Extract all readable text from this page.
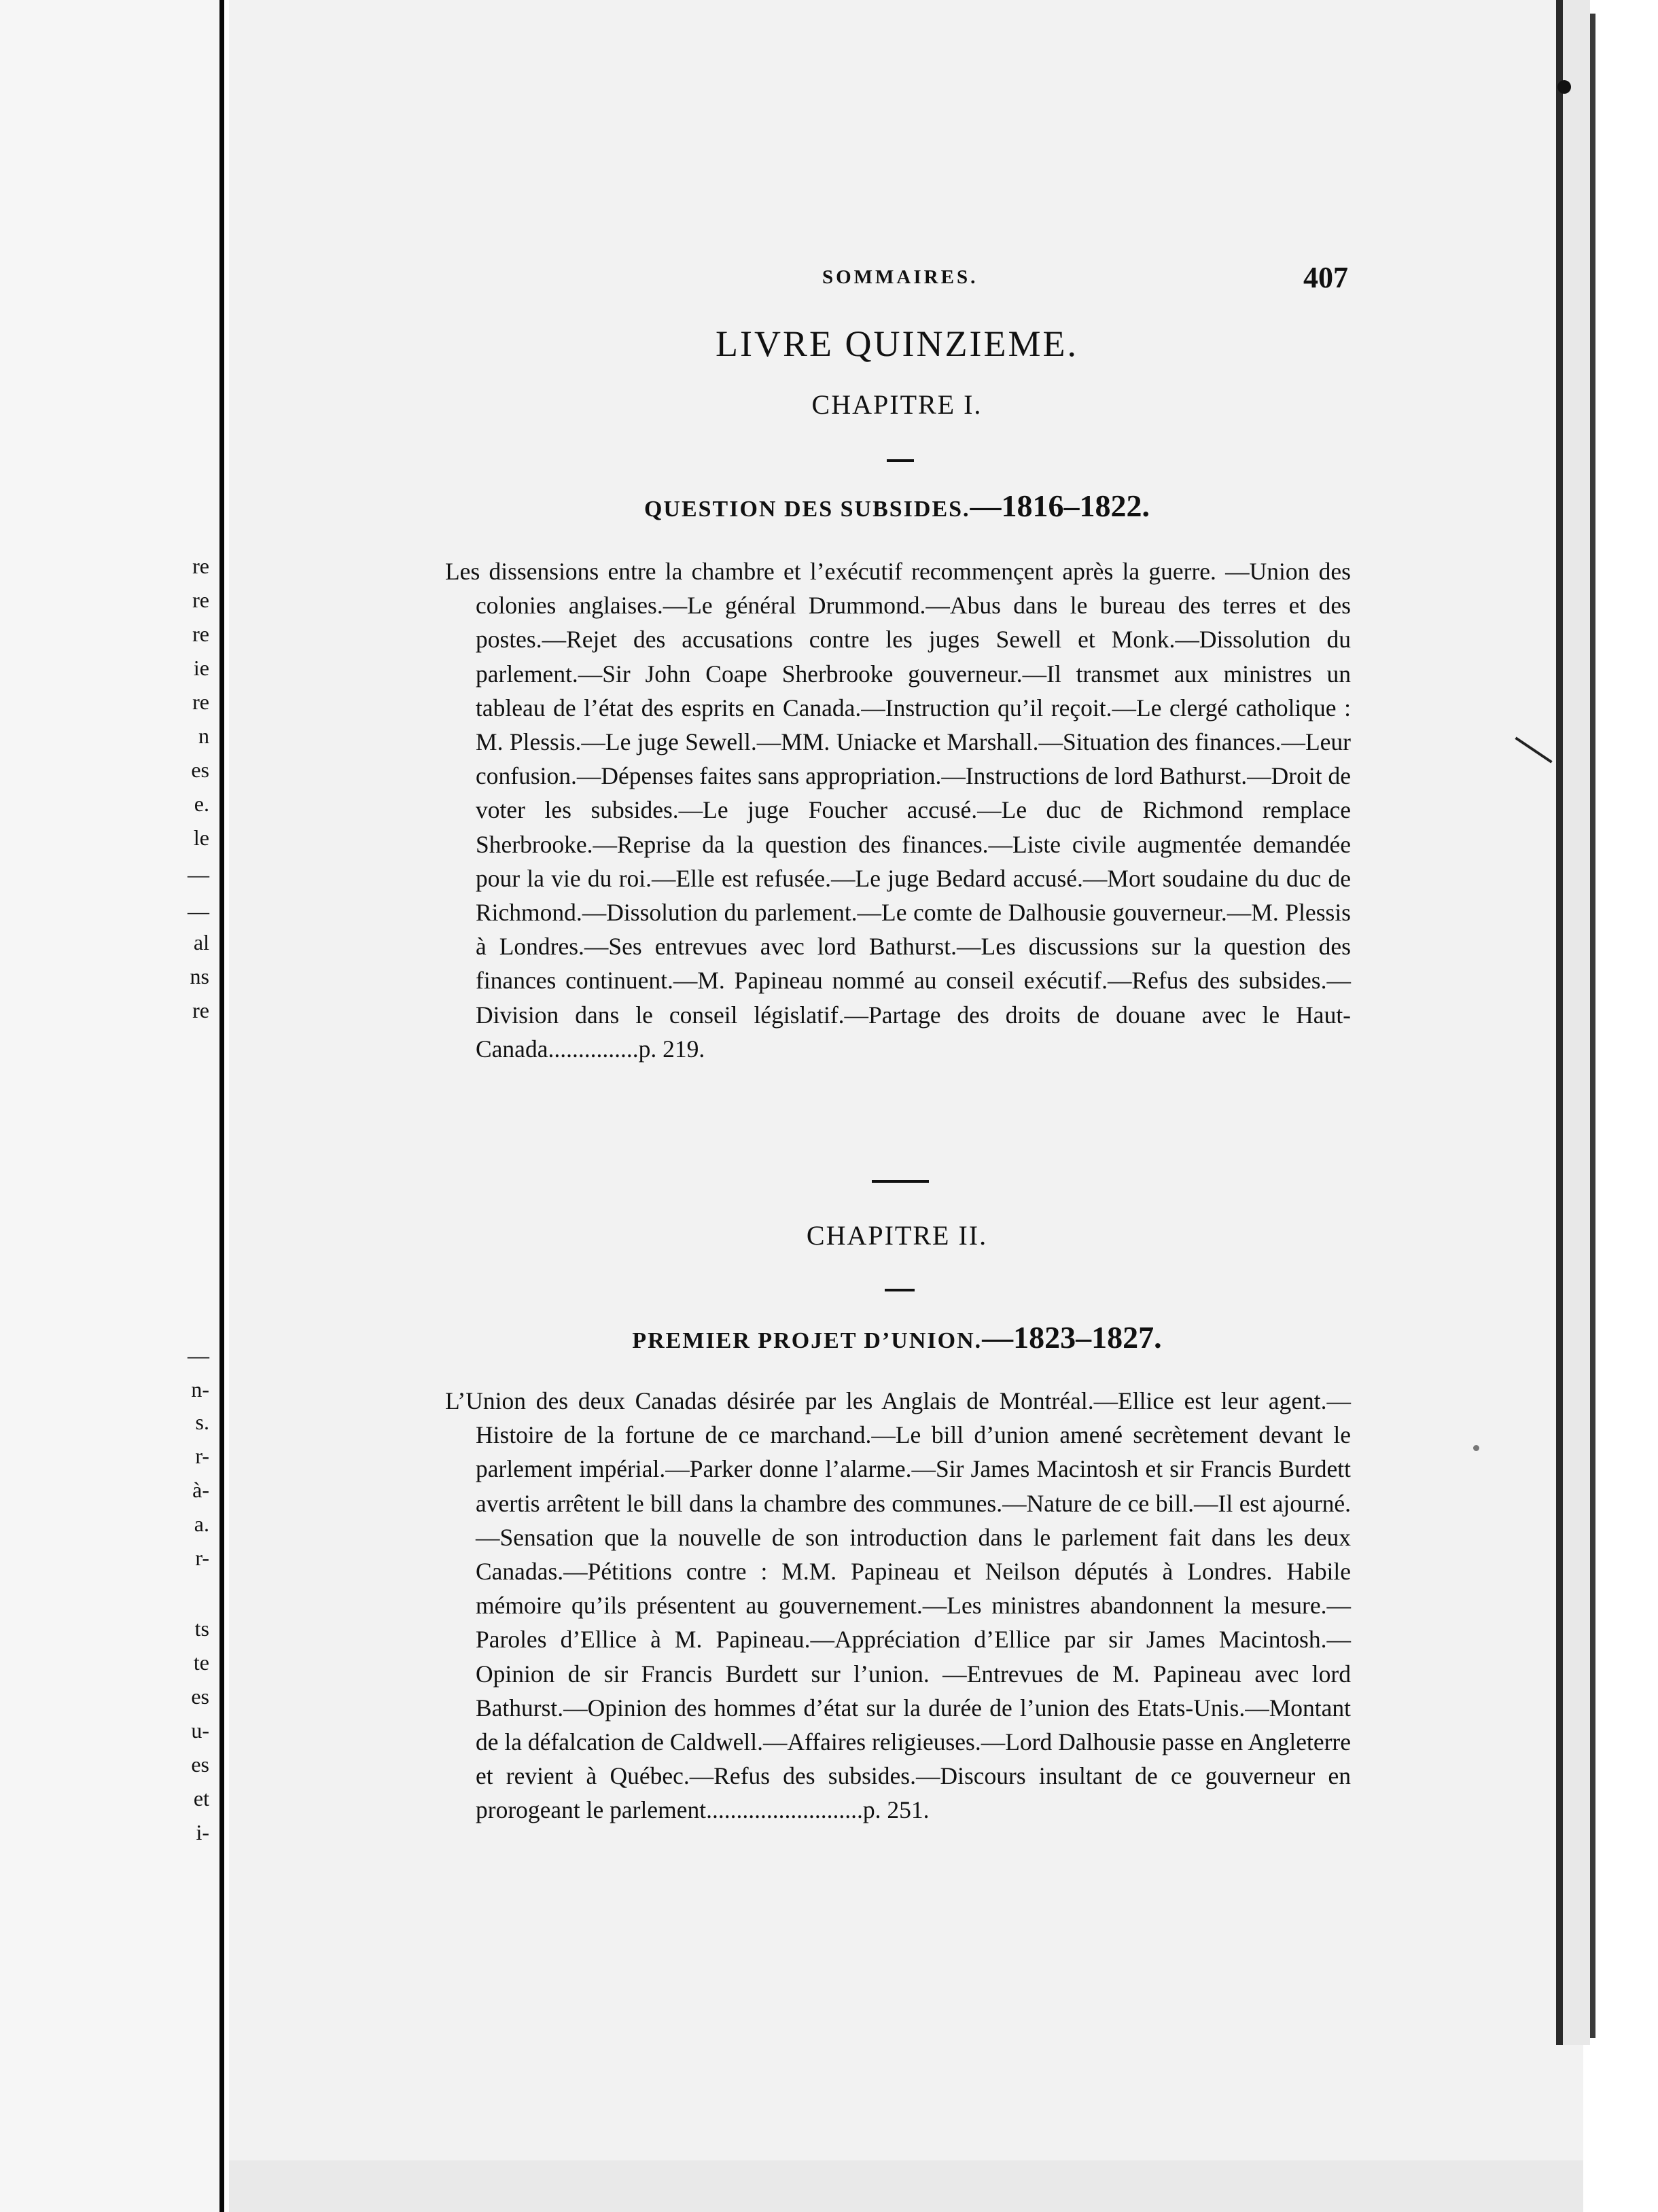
re
re
re
ie
re
n
es
e.
le
—
—
al
ns
re
—
n-
s.
r-
à-
a.
r-
ts
te
es
u-
es
et
i-
SOMMAIRES.	407
LIVRE QUINZIEME.
CHAPITRE I.
QUESTION DES SUBSIDES.—1816–1822.
Les dissensions entre la chambre et l’exécutif recommençent après la guerre. —Union des colonies anglaises.—Le général Drummond.—Abus dans le bureau des terres et des postes.—Rejet des accusations contre les juges Sewell et Monk.—Dissolution du parlement.—Sir John Coape Sherbrooke gouverneur.—Il transmet aux ministres un tableau de l’état des esprits en Canada.—Instruction qu’il reçoit.—Le clergé catholique : M. Plessis.—Le juge Sewell.—MM. Uniacke et Marshall.—Situation des finances.—Leur confusion.—Dépenses faites sans appropriation.—Instructions de lord Bathurst.—Droit de voter les subsides.—Le juge Foucher accusé.—Le duc de Richmond remplace Sherbrooke.—Reprise da la question des finances.—Liste civile augmentée demandée pour la vie du roi.—Elle est refusée.—Le juge Bedard accusé.—Mort soudaine du duc de Richmond.—Dissolution du parlement.—Le comte de Dalhousie gouverneur.—M. Plessis à Londres.—Ses entrevues avec lord Bathurst.—Les discussions sur la question des finances continuent.—M. Papineau nommé au conseil exécutif.—Refus des subsides.—Division dans le conseil législatif.—Partage des droits de douane avec le Haut-Canada...............p. 219.
CHAPITRE II.
PREMIER PROJET D’UNION.—1823–1827.
L’Union des deux Canadas désirée par les Anglais de Montréal.—Ellice est leur agent.—Histoire de la fortune de ce marchand.—Le bill d’union amené secrètement devant le parlement impérial.—Parker donne l’alarme.—Sir James Macintosh et sir Francis Burdett avertis arrêtent le bill dans la chambre des communes.—Nature de ce bill.—Il est ajourné.—Sensation que la nouvelle de son introduction dans le parlement fait dans les deux Canadas.—Pétitions contre : M.M. Papineau et Neilson députés à Londres. Habile mémoire qu’ils présentent au gouvernement.—Les ministres abandonnent la mesure.—Paroles d’Ellice à M. Papineau.—Appréciation d’Ellice par sir James Macintosh.—Opinion de sir Francis Burdett sur l’union. —Entrevues de M. Papineau avec lord Bathurst.—Opinion des hommes d’état sur la durée de l’union des Etats-Unis.—Montant de la défalcation de Caldwell.—Affaires religieuses.—Lord Dalhousie passe en Angleterre et revient à Québec.—Refus des subsides.—Discours insultant de ce gouverneur en prorogeant le parlement..........................p. 251.
